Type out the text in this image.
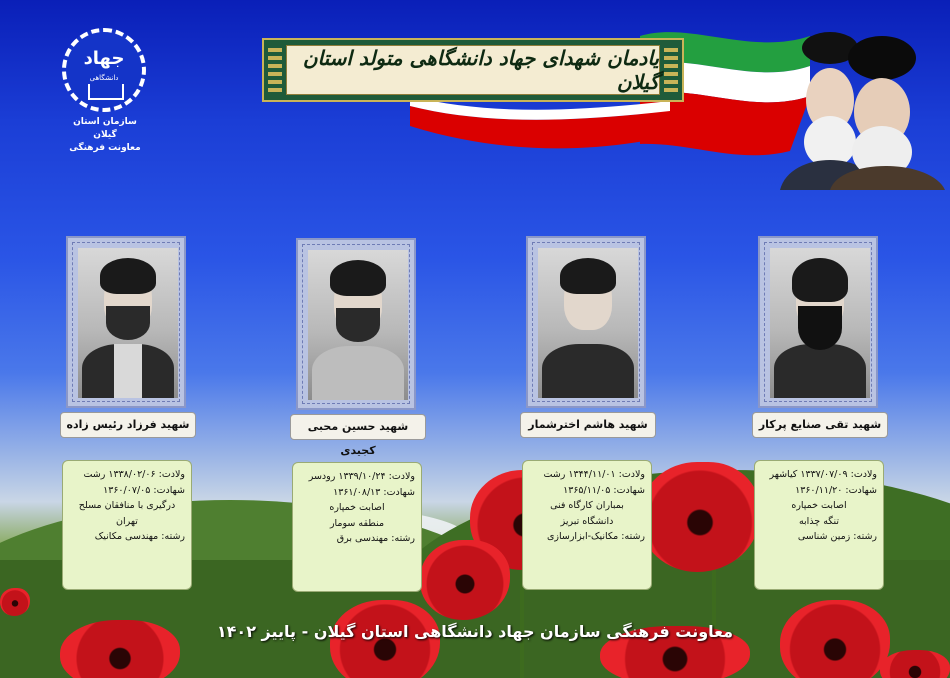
یادمان شهدای جهاد دانشگاهی متولد استان گیلان
جهاد
دانشگاهی
سازمان استان گیلان
معاونت فرهنگی
شهید فرزاد رئیس زاده
ولادت: ۱۳۳۸/۰۲/۰۶ رشت
شهادت: ۱۳۶۰/۰۷/۰۵
درگیری با منافقان مسلح
تهران
رشته: مهندسی مکانیک
شهید حسین محبی کجیدی
ولادت: ۱۳۳۹/۱۰/۲۴ رودسر
شهادت: ۱۳۶۱/۰۸/۱۳
اصابت خمپاره
منطقه سومار
رشته: مهندسی برق
شهید هاشم اخترشمار
ولادت: ۱۳۴۴/۱۱/۰۱ رشت
شهادت: ۱۳۶۵/۱۱/۰۵
بمباران کارگاه فنی
دانشگاه تبریز
رشته: مکانیک-ابزارسازی
شهید تقی صنایع پرکار
ولادت: ۱۳۳۷/۰۷/۰۹ کیاشهر
شهادت: ۱۳۶۰/۱۱/۲۰
اصابت خمپاره
تنگه چذابه
رشته: زمین شناسی
معاونت فرهنگی سازمان جهاد دانشگاهی استان گیلان - پاییز ۱۴۰۲
